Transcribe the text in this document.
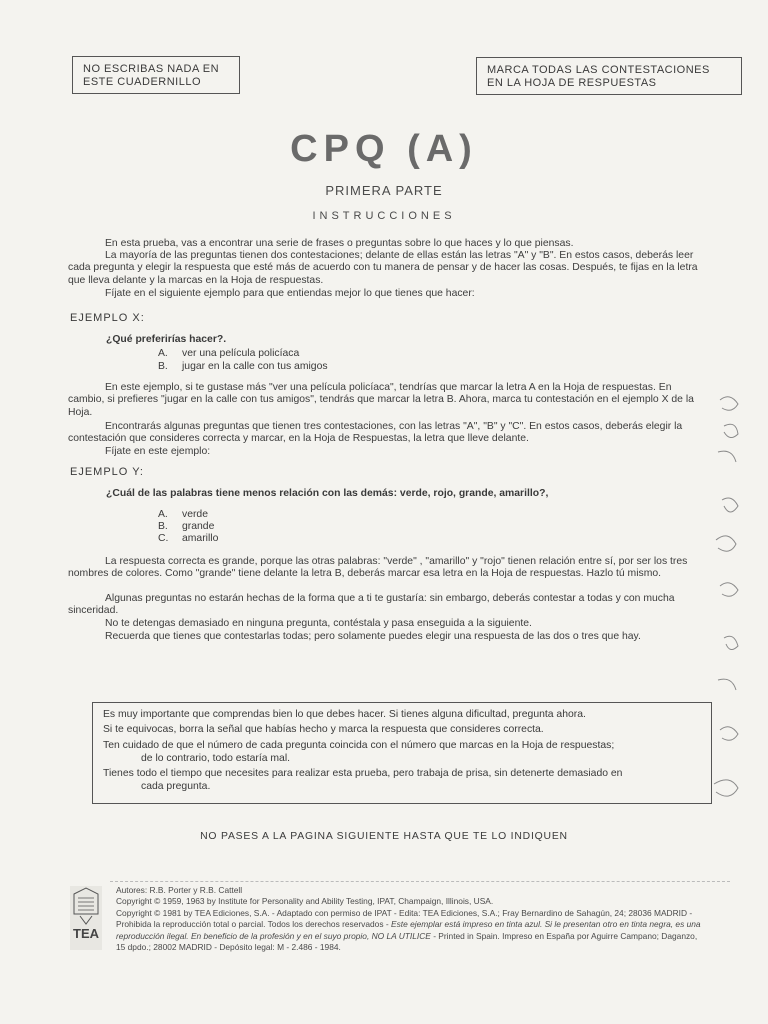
NO ESCRIBAS NADA EN
ESTE CUADERNILLO
MARCA TODAS LAS CONTESTACIONES
EN LA HOJA DE RESPUESTAS
CPQ (A)
PRIMERA PARTE
INSTRUCCIONES
En esta prueba, vas a encontrar una serie de frases o preguntas sobre lo que haces y lo que piensas.
La mayoría de las preguntas tienen dos contestaciones; delante de ellas están las letras "A" y "B". En estos casos, deberás leer cada pregunta y elegir la respuesta que esté más de acuerdo con tu manera de pensar y de hacer las cosas. Después, te fijas en la letra que lleva delante y la marcas en la Hoja de respuestas.
Fíjate en el siguiente ejemplo para que entiendas mejor lo que tienes que hacer:
EJEMPLO X:
¿Qué preferirías hacer?.
A. ver una película policíaca
B. jugar en la calle con tus amigos
En este ejemplo, si te gustase más "ver una película policíaca", tendrías que marcar la letra A en la Hoja de respuestas. En cambio, si prefieres "jugar en la calle con tus amigos", tendrás que marcar la letra B. Ahora, marca tu contestación en el ejemplo X de la Hoja.
Encontrarás algunas preguntas que tienen tres contestaciones, con las letras "A", "B" y "C". En estos casos, deberás elegir la contestación que consideres correcta y marcar, en la Hoja de Respuestas, la letra que lleve delante.
Fíjate en este ejemplo:
EJEMPLO Y:
¿Cuál de las palabras tiene menos relación con las demás: verde, rojo, grande, amarillo?,
A. verde
B. grande
C. amarillo
La respuesta correcta es grande, porque las otras palabras: "verde" , "amarillo" y "rojo" tienen relación entre sí, por ser los tres nombres de colores. Como "grande" tiene delante la letra B, deberás marcar esa letra en la Hoja de respuestas. Hazlo tú mismo.
Algunas preguntas no estarán hechas de la forma que a ti te gustaría: sin embargo, deberás contestar a todas y con mucha sinceridad.
No te detengas demasiado en ninguna pregunta, contéstala y pasa enseguida a la siguiente.
Recuerda que tienes que contestarlas todas; pero solamente puedes elegir una respuesta de las dos o tres que hay.
Es muy importante que comprendas bien lo que debes hacer. Si tienes alguna dificultad, pregunta ahora.
Si te equivocas, borra la señal que habías hecho y marca la respuesta que consideres correcta.
Ten cuidado de que el número de cada pregunta coincida con el número que marcas en la Hoja de respuestas;
de lo contrario, todo estaría mal.
Tienes todo el tiempo que necesites para realizar esta prueba, pero trabaja de prisa, sin detenerte demasiado en
cada pregunta.
NO PASES A LA PAGINA SIGUIENTE HASTA QUE TE LO INDIQUEN
TEA
Autores: R.B. Porter y R.B. Cattell
Copyright © 1959, 1963 by Institute for Personality and Ability Testing, IPAT, Champaign, Illinois, USA.
Copyright © 1981 by TEA Ediciones, S.A. - Adaptado con permiso de IPAT - Edita: TEA Ediciones, S.A.; Fray Bernardino de Sahagún, 24; 28036 MADRID -
Prohibida la reproducción total o parcial. Todos los derechos reservados - Este ejemplar está impreso en tinta azul. Si le presentan otro en tinta negra, es una
reproducción ilegal. En beneficio de la profesión y en el suyo propio, NO LA UTILICE - Printed in Spain. Impreso en España por Aguirre Campano; Daganzo,
15 dpdo.; 28002 MADRID - Depósito legal: M - 2.486 - 1984.
